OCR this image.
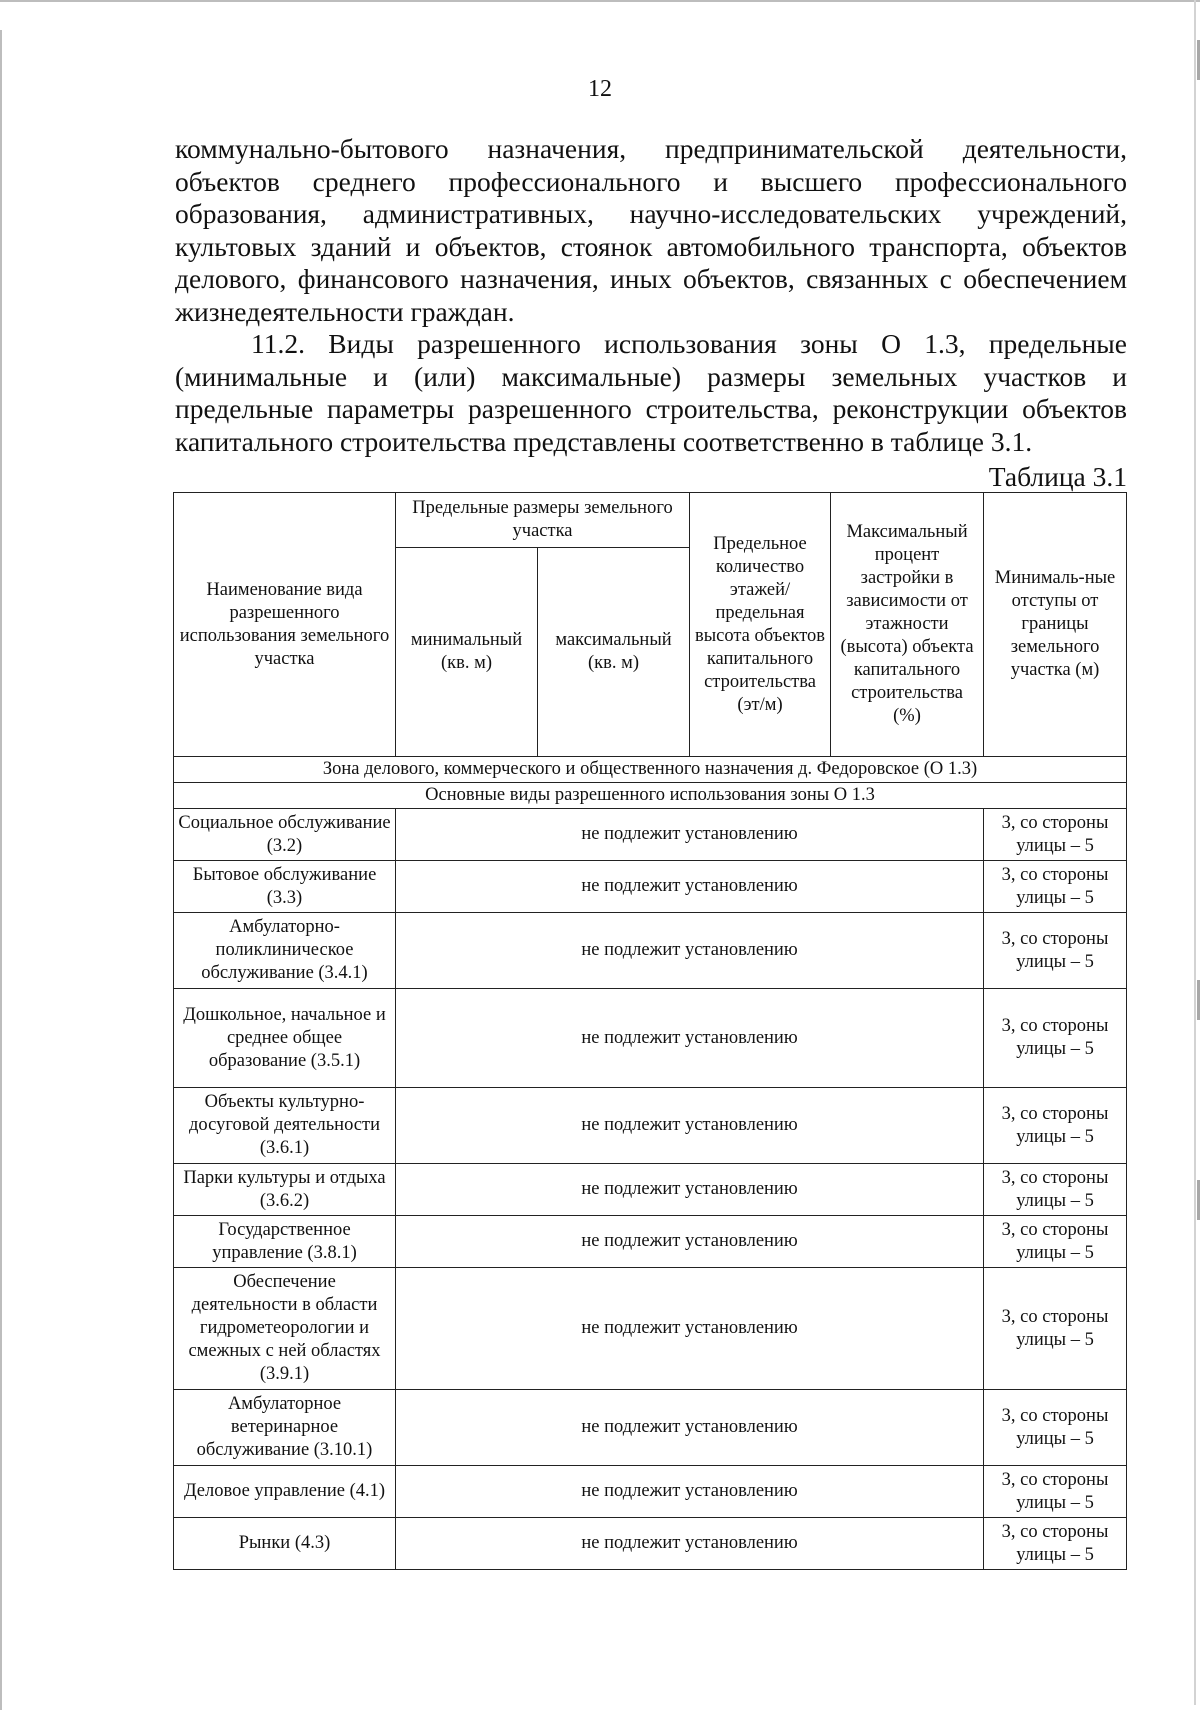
12

коммунально-бытового назначения, предпринимательской деятельности, объектов среднего профессионального и высшего профессионального образования, административных, научно-исследовательских учреждений, культовых зданий и объектов, стоянок автомобильного транспорта, объектов делового, финансового назначения, иных объектов, связанных с обеспечением жизнедеятельности граждан.

11.2. Виды разрешенного использования зоны О 1.3, предельные (минимальные и (или) максимальные) размеры земельных участков и предельные параметры разрешенного строительства, реконструкции объектов капитального строительства представлены соответственно в таблице 3.1.

Таблица 3.1
Наименование вида разрешенного использования земельного участка	Предельные размеры земельного участка		Предельное количество этажей/ предельная высота объектов капитального строительства (эт/м)	Максимальный процент застройки в зависимости от этажности (высота) объекта капитального строительства (%)	Минималь-ные отступы от границы земельного участка (м)
	минимальный (кв. м)	максимальный (кв. м)			
Зона делового, коммерческого и общественного назначения д. Федоровское (О 1.3)					
Основные виды разрешенного использования зоны О 1.3					
Социальное обслуживание (3.2)	не подлежит установлению				3, со стороны улицы – 5
Бытовое обслуживание (3.3)	не подлежит установлению				3, со стороны улицы – 5
Амбулаторно-поликлиническое обслуживание (3.4.1)	не подлежит установлению				3, со стороны улицы – 5
Дошкольное, начальное и среднее общее образование (3.5.1)	не подлежит установлению				3, со стороны улицы – 5
Объекты культурно-досуговой деятельности (3.6.1)	не подлежит установлению				3, со стороны улицы – 5
Парки культуры и отдыха (3.6.2)	не подлежит установлению				3, со стороны улицы – 5
Государственное управление (3.8.1)	не подлежит установлению				3, со стороны улицы – 5
Обеспечение деятельности в области гидрометеорологии и смежных с ней областях (3.9.1)	не подлежит установлению				3, со стороны улицы – 5
Амбулаторное ветеринарное обслуживание (3.10.1)	не подлежит установлению				3, со стороны улицы – 5
Деловое управление (4.1)	не подлежит установлению				3, со стороны улицы – 5
Рынки (4.3)	не подлежит установлению				3, со стороны улицы – 5
